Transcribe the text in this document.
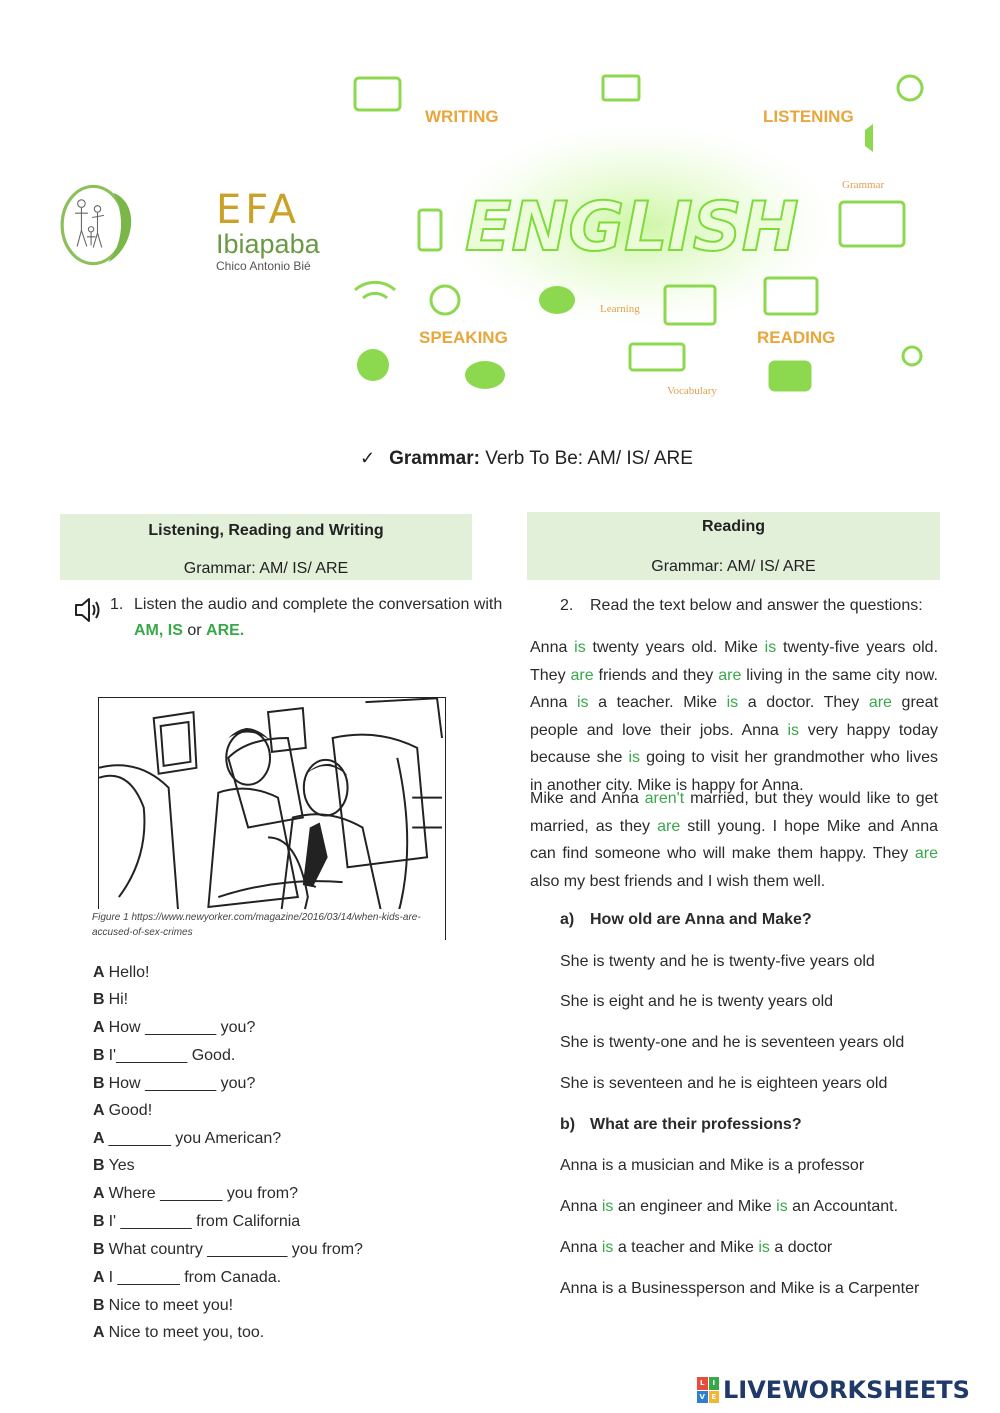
EFA
Ibiapaba
Chico Antonio Bié
WRITING	LISTENING
SPEAKING	READING
Grammar
Learning
Vocabulary
ENGLISH
✓ Grammar: Verb To Be: AM/ IS/ ARE
Listening, Reading and Writing
Grammar: AM/ IS/ ARE
1. Listen the audio and complete the conversation with
AM, IS or ARE.
Figure 1 https://www.newyorker.com/magazine/2016/03/14/when-kids-are-accused-of-sex-crimes
A Hello!
B Hi!
A How ________ you?
B I'________ Good.
B How ________ you?
A Good!
A _______ you American?
B Yes
A Where _______ you from?
B I' ________ from California
B What country _________ you from?
A I _______ from Canada.
B Nice to meet you!
A Nice to meet you, too.
Reading
Grammar: AM/ IS/ ARE
2. Read the text below and answer the questions:
Anna is twenty years old. Mike is twenty-five years old. They are friends and they are living in the same city now. Anna is a teacher. Mike is a doctor. They are great people and love their jobs. Anna is very happy today because she is going to visit her grandmother who lives in another city. Mike is happy for Anna.
Mike and Anna aren't married, but they would like to get married, as they are still young. I hope Mike and Anna can find someone who will make them happy. They are also my best friends and I wish them well.
a) How old are Anna and Make?
She is twenty and he is twenty-five years old
She is eight and he is twenty years old
She is twenty-one and he is seventeen years old
She is seventeen and he is eighteen years old
b) What are their professions?
Anna is a musician and Mike is a professor
Anna is an engineer and Mike is an Accountant.
Anna is a teacher and Mike is a doctor
Anna is a Businessperson and Mike is a Carpenter
L	I
V E LIVEWORKSHEETS
